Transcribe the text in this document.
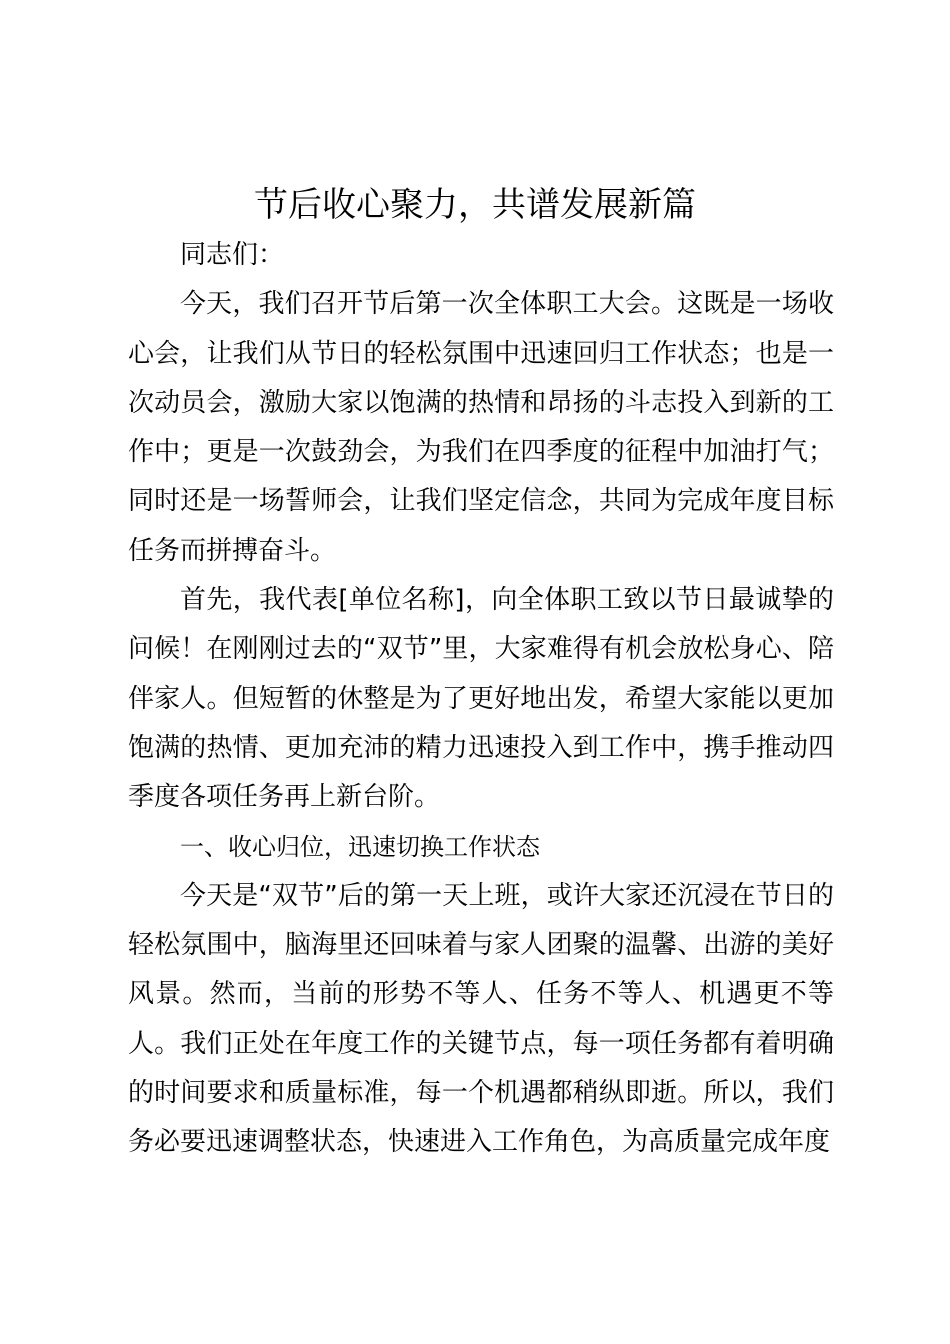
节后收心聚力，共谱发展新篇

同志们：

今天，我们召开节后第一次全体职工大会。这既是一场收心会，让我们从节日的轻松氛围中迅速回归工作状态；也是一次动员会，激励大家以饱满的热情和昂扬的斗志投入到新的工作中；更是一次鼓劲会，为我们在四季度的征程中加油打气；同时还是一场誓师会，让我们坚定信念，共同为完成年度目标任务而拼搏奋斗。

首先，我代表[单位名称]，向全体职工致以节日最诚挚的问候！在刚刚过去的“双节”里，大家难得有机会放松身心、陪伴家人。但短暂的休整是为了更好地出发，希望大家能以更加饱满的热情、更加充沛的精力迅速投入到工作中，携手推动四季度各项任务再上新台阶。

一、收心归位，迅速切换工作状态

今天是“双节”后的第一天上班，或许大家还沉浸在节日的轻松氛围中，脑海里还回味着与家人团聚的温馨、出游的美好风景。然而，当前的形势不等人、任务不等人、机遇更不等人。我们正处在年度工作的关键节点，每一项任务都有着明确的时间要求和质量标准，每一个机遇都稍纵即逝。所以，我们务必要迅速调整状态，快速进入工作角色，为高质量完成年度
